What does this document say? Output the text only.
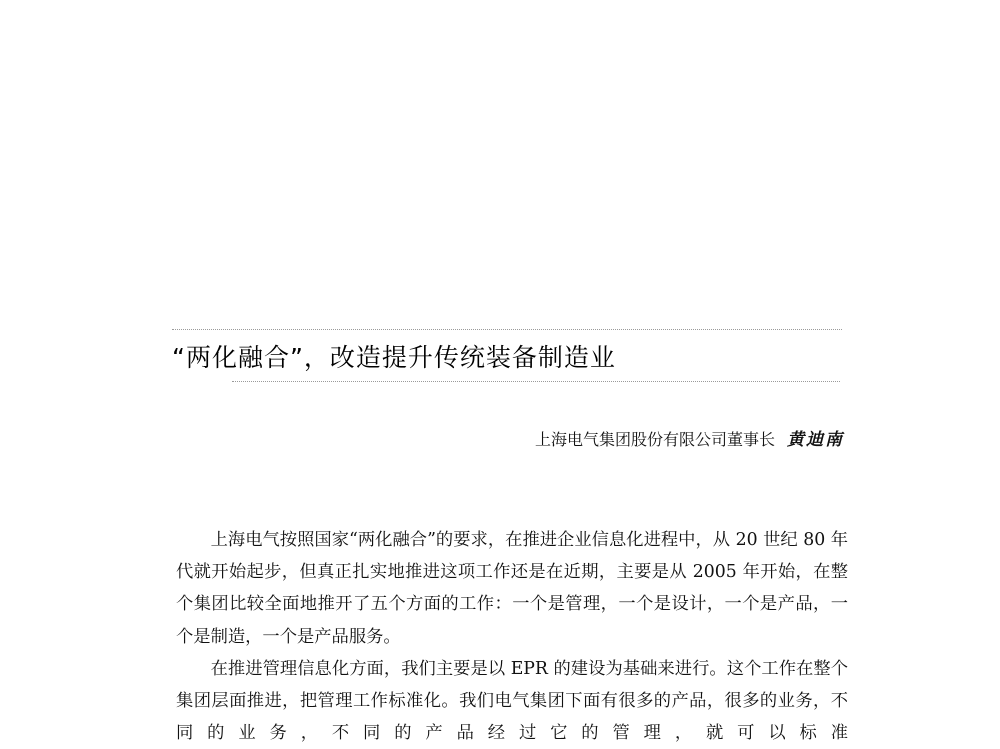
“两化融合”，改造提升传统装备制造业
上海电气集团股份有限公司董事长 黄迪南

上海电气按照国家“两化融合”的要求，在推进企业信息化进程中，从 20 世纪 80 年代就开始起步，但真正扎实地推进这项工作还是在近期，主要是从 2005 年开始，在整个集团比较全面地推开了五个方面的工作：一个是管理，一个是设计，一个是产品，一个是制造，一个是产品服务。

在推进管理信息化方面，我们主要是以 EPR 的建设为基础来进行。这个工作在整个集团层面推进，把管理工作标准化。我们电气集团下面有很多的产品，很多的业务，不同的业务，不同的产品经过它的管理，就可以标准
